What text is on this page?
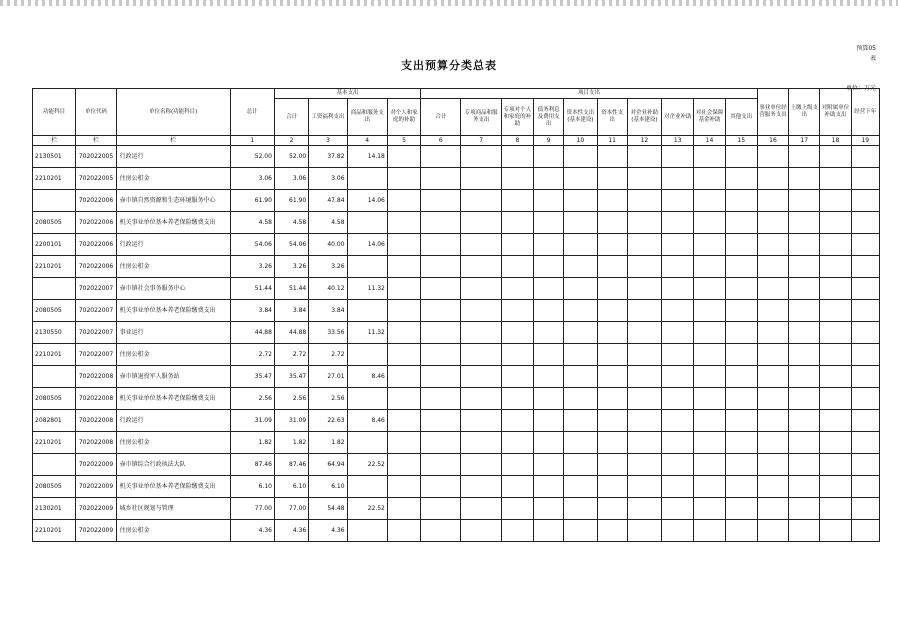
支出预算分类总表
预算05
表
单位：万元
功能科目	单位代码	单位名称(功能科目)	总计	基本支出				项目支出										事业单位经营服务支出	上缴上级支出	对附属单位补助支出	经营下年
				合计	工资福利支出	商品和服务支出	对个人和家庭的补助	合计	专项商品和服务支出	专项对个人和家庭的补助	债务利息及费用支出	资本性支出(基本建设)	资本性支出	对企业补助(基本建设)	对企业补助	对社会保障基金补助	其他支出				

栏	栏	栏	1	2	3	4	5	6	7	8	9	10	11	12	13	14	15	16	17	18	19
2130501	702022005	行政运行	52.00	52.00	37.82	14.18															
2210201	702022005	住房公积金	3.06	3.06	3.06																
	702022006	壶市镇自然资源和生态环境服务中心	61.90	61.90	47.84	14.06															
2080505	702022006	机关事业单位基本养老保险缴费支出	4.58	4.58	4.58																
2200101	702022006	行政运行	54.06	54.06	40.00	14.06															
2210201	702022006	住房公积金	3.26	3.26	3.26																
	702022007	壶市镇社会事务服务中心	51.44	51.44	40.12	11.32															
2080505	702022007	机关事业单位基本养老保险缴费支出	3.84	3.84	3.84																
2130550	702022007	事业运行	44.88	44.88	33.56	11.32															
2210201	702022007	住房公积金	2.72	2.72	2.72																
	702022008	壶市镇退役军人服务站	35.47	35.47	27.01	8.46															
2080505	702022008	机关事业单位基本养老保险缴费支出	2.56	2.56	2.56																
2082801	702022008	行政运行	31.09	31.09	22.63	8.46															
2210201	702022008	住房公积金	1.82	1.82	1.82																
	702022009	壶市镇综合行政执法大队	87.46	87.46	64.94	22.52															
2080505	702022009	机关事业单位基本养老保险缴费支出	6.10	6.10	6.10																
2130201	702022009	城乡社区规划与管理	77.00	77.00	54.48	22.52															
2210201	702022009	住房公积金	4.36	4.36	4.36																
